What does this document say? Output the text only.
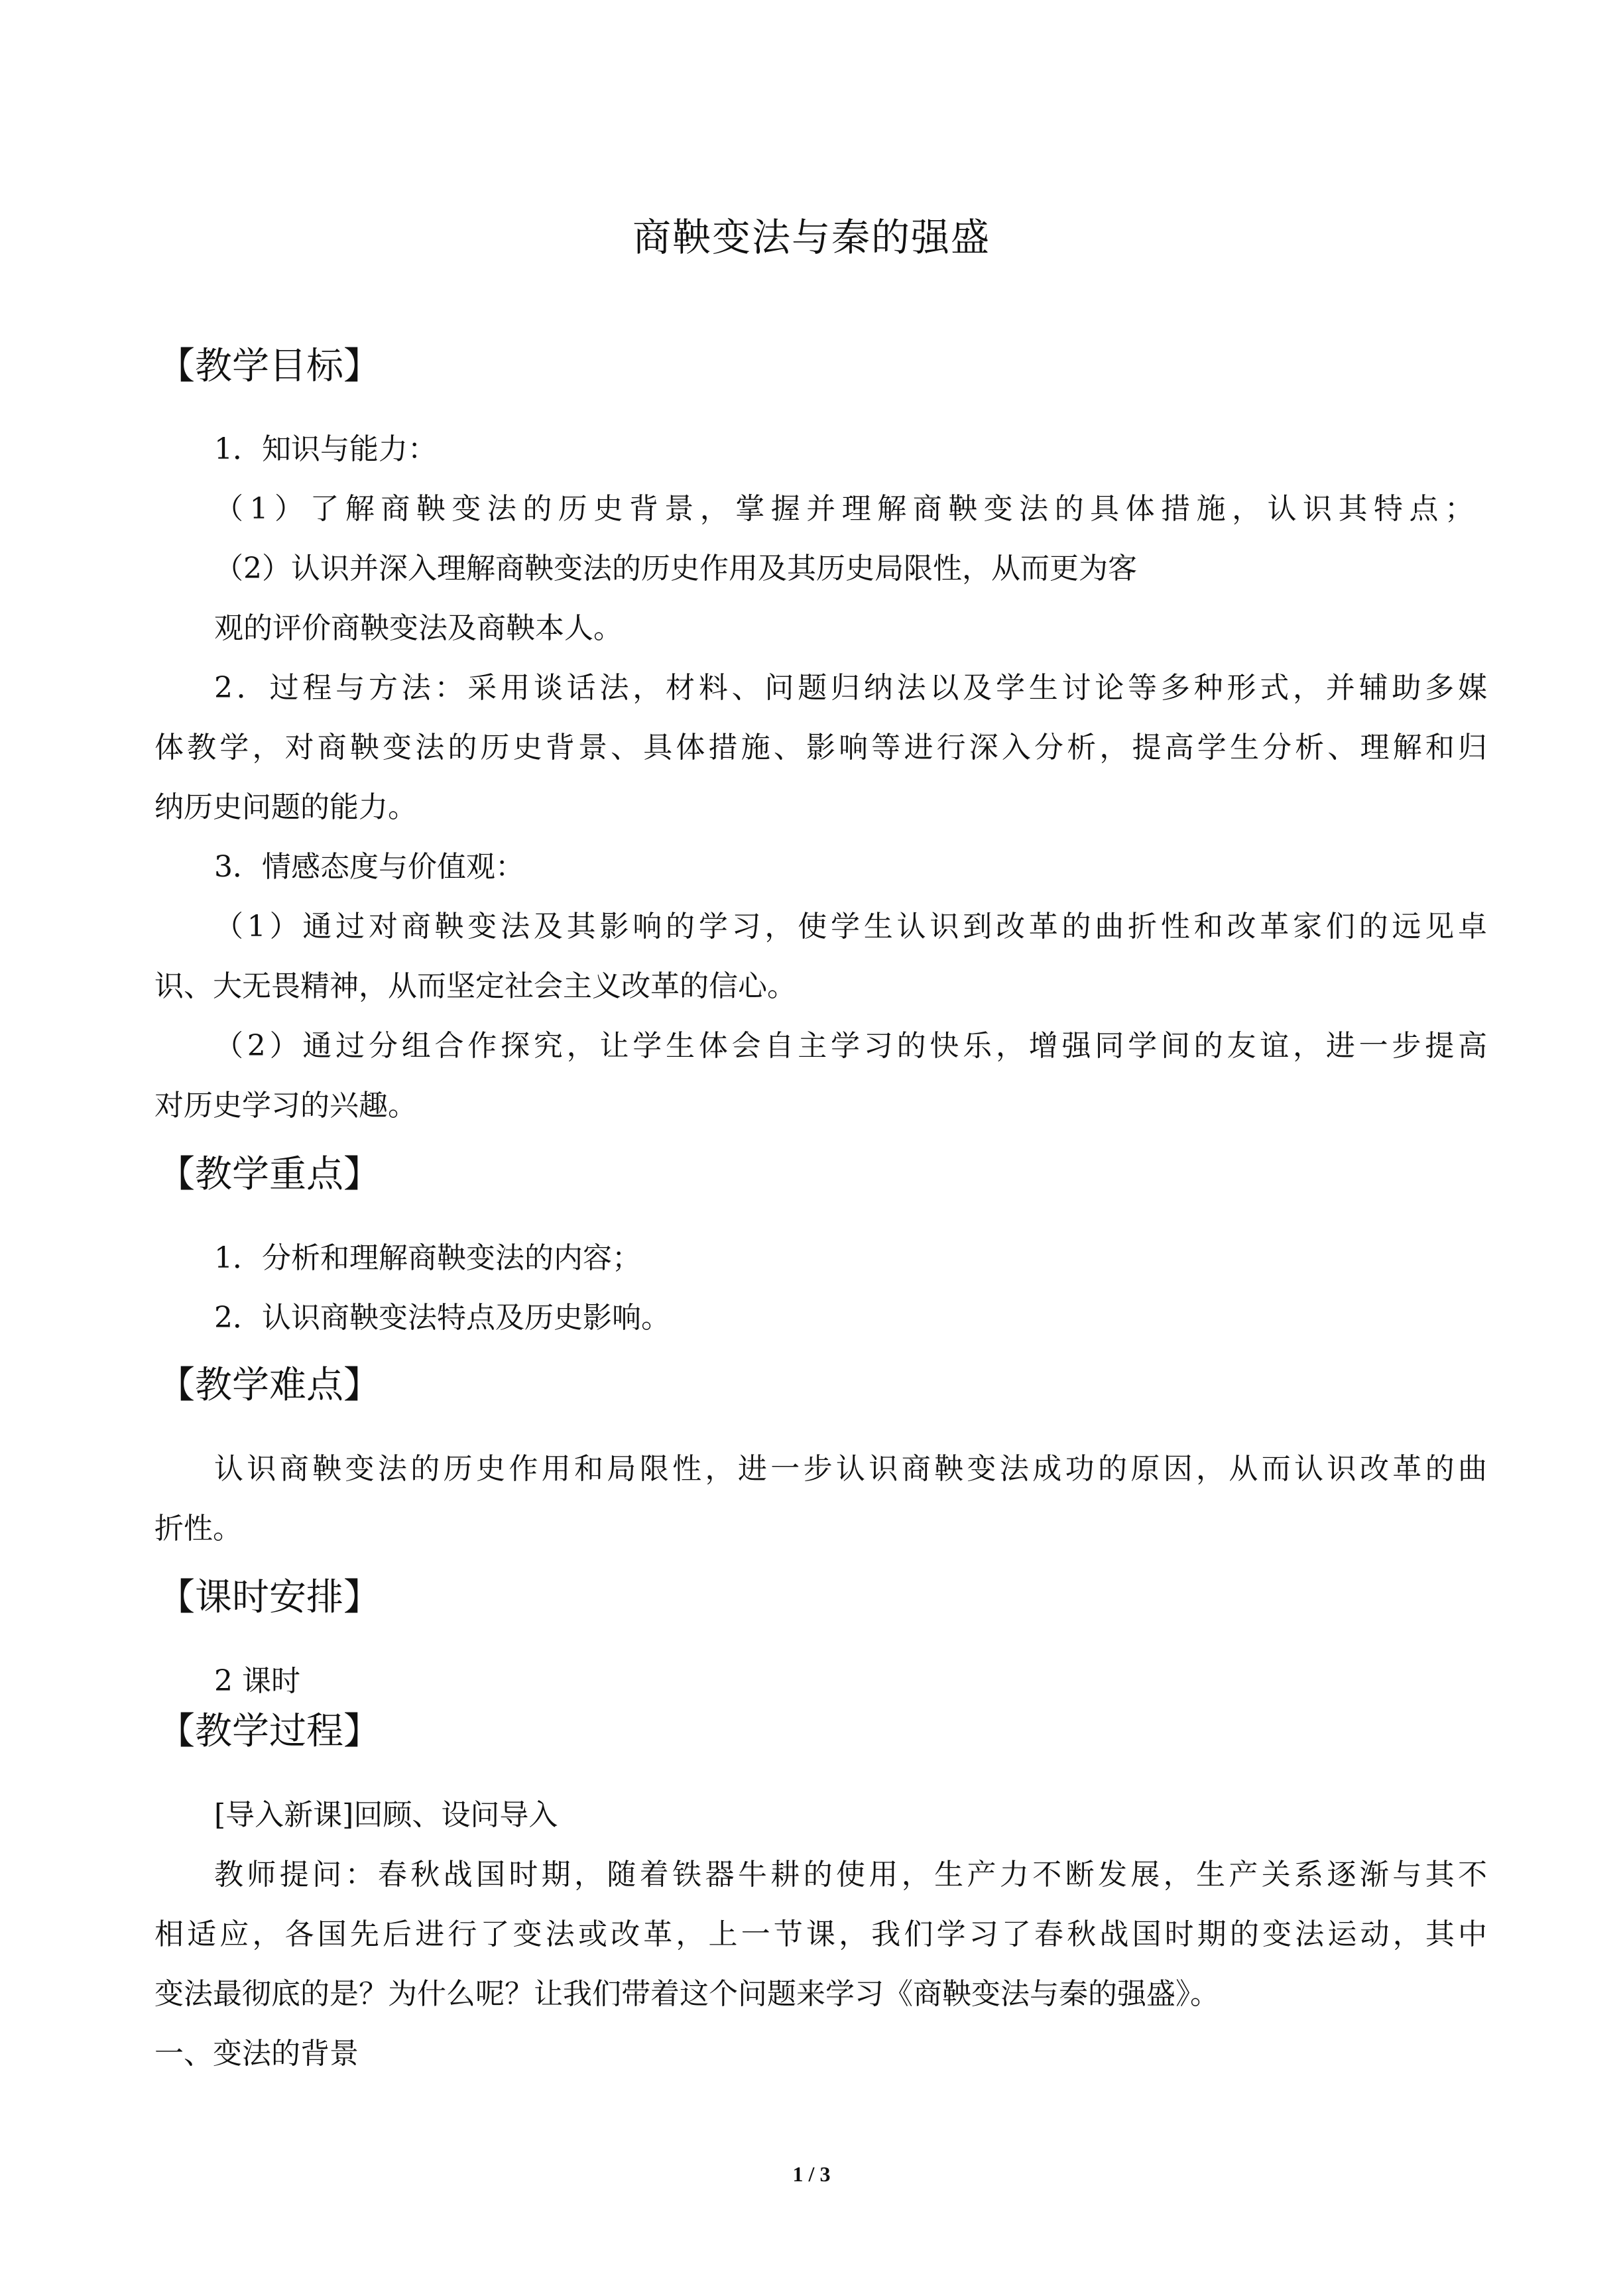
商鞅变法与秦的强盛
【教学目标】
1．知识与能力：
（1）了解商鞅变法的历史背景，掌握并理解商鞅变法的具体措施，认识其特点；
（2）认识并深入理解商鞅变法的历史作用及其历史局限性，从而更为客
观的评价商鞅变法及商鞅本人。
2．过程与方法：采用谈话法，材料、问题归纳法以及学生讨论等多种形式，并辅助多媒
体教学，对商鞅变法的历史背景、具体措施、影响等进行深入分析，提高学生分析、理解和归
纳历史问题的能力。
3．情感态度与价值观：
（1）通过对商鞅变法及其影响的学习，使学生认识到改革的曲折性和改革家们的远见卓
识、大无畏精神，从而坚定社会主义改革的信心。
（2）通过分组合作探究，让学生体会自主学习的快乐，增强同学间的友谊，进一步提高
对历史学习的兴趣。
【教学重点】
1．分析和理解商鞅变法的内容；
2．认识商鞅变法特点及历史影响。
【教学难点】
认识商鞅变法的历史作用和局限性，进一步认识商鞅变法成功的原因，从而认识改革的曲
折性。
【课时安排】
2 课时
【教学过程】
[导入新课]回顾、设问导入
教师提问：春秋战国时期，随着铁器牛耕的使用，生产力不断发展，生产关系逐渐与其不
相适应，各国先后进行了变法或改革，上一节课，我们学习了春秋战国时期的变法运动，其中
变法最彻底的是？为什么呢？让我们带着这个问题来学习《商鞅变法与秦的强盛》。
一、变法的背景
1 / 3
